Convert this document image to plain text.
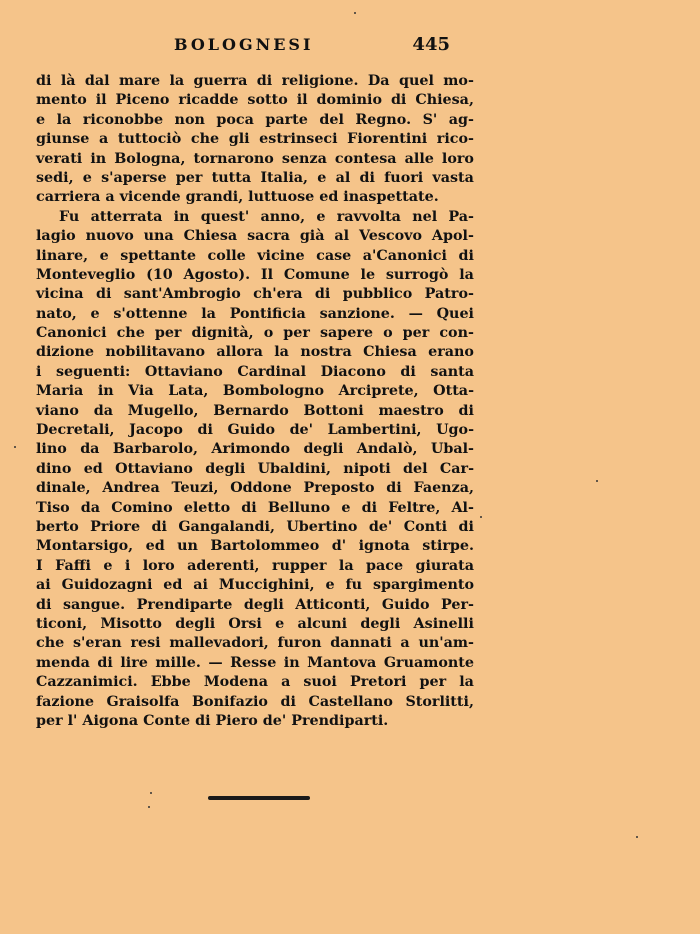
BOLOGNESI	445
di là dal mare la guerra di religione. Da quel mo-
mento il Piceno ricadde sotto il dominio di Chiesa,
e la riconobbe non poca parte del Regno. S' ag-
giunse a tuttociò che gli estrinseci Fiorentini rico-
verati in Bologna, tornarono senza contesa alle loro
sedi, e s'aperse per tutta Italia, e al di fuori vasta
carriera a vicende grandi, luttuose ed inaspettate.
Fu atterrata in quest' anno, e ravvolta nel Pa-
lagio nuovo una Chiesa sacra già al Vescovo Apol-
linare, e spettante colle vicine case a'Canonici di
Monteveglio (10 Agosto). Il Comune le surrogò la
vicina di sant'Ambrogio ch'era di pubblico Patro-
nato, e s'ottenne la Pontificia sanzione. — Quei
Canonici che per dignità, o per sapere o per con-
dizione nobilitavano allora la nostra Chiesa erano
i seguenti: Ottaviano Cardinal Diacono di santa
Maria in Via Lata, Bombologno Arciprete, Otta-
viano da Mugello, Bernardo Bottoni maestro di
Decretali, Jacopo di Guido de' Lambertini, Ugo-
lino da Barbarolo, Arimondo degli Andalò, Ubal-
dino ed Ottaviano degli Ubaldini, nipoti del Car-
dinale, Andrea Teuzi, Oddone Preposto di Faenza,
Tiso da Comino eletto di Belluno e di Feltre, Al-
berto Priore di Gangalandi, Ubertino de' Conti di
Montarsigo, ed un Bartolommeo d' ignota stirpe.
I Faffi e i loro aderenti, rupper la pace giurata
ai Guidozagni ed ai Muccighini, e fu spargimento
di sangue. Prendiparte degli Atticonti, Guido Per-
ticoni, Misotto degli Orsi e alcuni degli Asinelli
che s'eran resi mallevadori, furon dannati a un'am-
menda di lire mille. — Resse in Mantova Gruamonte
Cazzanimici. Ebbe Modena a suoi Pretori per la
fazione Graisolfa Bonifazio di Castellano Storlitti,
per l' Aigona Conte di Piero de' Prendiparti.
